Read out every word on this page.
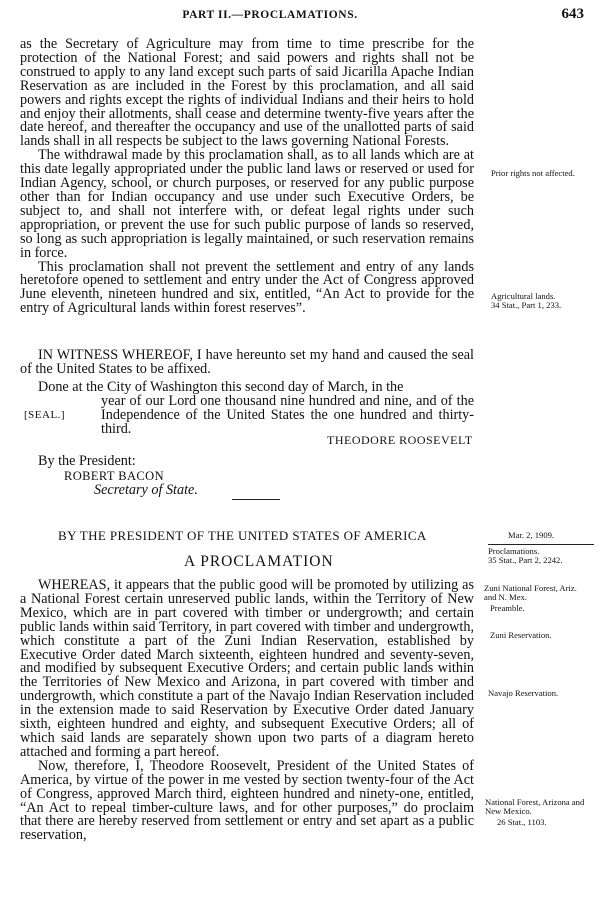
PART II.—PROCLAMATIONS.	643

as the Secretary of Agriculture may from time to time prescribe for the protection of the National Forest; and said powers and rights shall not be construed to apply to any land except such parts of said Jicarilla Apache Indian Reservation as are included in the Forest by this proclamation, and all said powers and rights except the rights of individual Indians and their heirs to hold and enjoy their allotments, shall cease and determine twenty-five years after the date hereof, and thereafter the occupancy and use of the unallotted parts of said lands shall in all respects be subject to the laws governing National Forests.

The withdrawal made by this proclamation shall, as to all lands which are at this date legally appropriated under the public land laws or reserved or used for Indian Agency, school, or church purposes, or reserved for any public purpose other than for Indian occupancy and use under such Executive Orders, be subject to, and shall not interfere with, or defeat legal rights under such appropriation, or prevent the use for such public purpose of lands so reserved, so long as such appropriation is legally maintained, or such reservation remains in force.

This proclamation shall not prevent the settlement and entry of any lands heretofore opened to settlement and entry under the Act of Congress approved June eleventh, nineteen hundred and six, entitled, “An Act to provide for the entry of Agricultural lands within forest reserves”.

IN WITNESS WHEREOF, I have hereunto set my hand and caused the seal of the United States to be affixed.

Done at the City of Washington this second day of March, in the
[SEAL.]
year of our Lord one thousand nine hundred and nine, and of the Independence of the United States the one hundred and thirty-third.
THEODORE ROOSEVELT
By the President:
ROBERT BACON
Secretary of State.
BY THE PRESIDENT OF THE UNITED STATES OF AMERICA
A PROCLAMATION

WHEREAS, it appears that the public good will be promoted by utilizing as a National Forest certain unreserved public lands, within the Territory of New Mexico, which are in part covered with timber or undergrowth; and certain public lands within said Territory, in part covered with timber and undergrowth, which constitute a part of the Zuni Indian Reservation, established by Executive Order dated March sixteenth, eighteen hundred and seventy-seven, and modified by subsequent Executive Orders; and certain public lands within the Territories of New Mexico and Arizona, in part covered with timber and undergrowth, which constitute a part of the Navajo Indian Reservation included in the extension made to said Reservation by Executive Order dated January sixth, eighteen hundred and eighty, and subsequent Executive Orders; all of which said lands are separately shown upon two parts of a diagram hereto attached and forming a part hereof.

Now, therefore, I, Theodore Roosevelt, President of the United States of America, by virtue of the power in me vested by section twenty-four of the Act of Congress, approved March third, eighteen hundred and ninety-one, entitled, “An Act to repeal timber-culture laws, and for other purposes,” do proclaim that there are hereby reserved from settlement or entry and set apart as a public reservation,

Prior rights not affected.
Agricultural lands.
34 Stat., Part 1, 233.
Mar. 2, 1909.
Proclamations.
35 Stat., Part 2, 2242.
Zuni National Forest, Ariz. and N. Mex.
Preamble.
Zuni Reservation.
Navajo Reservation.
National Forest, Arizona and New Mexico.
26 Stat., 1103.
